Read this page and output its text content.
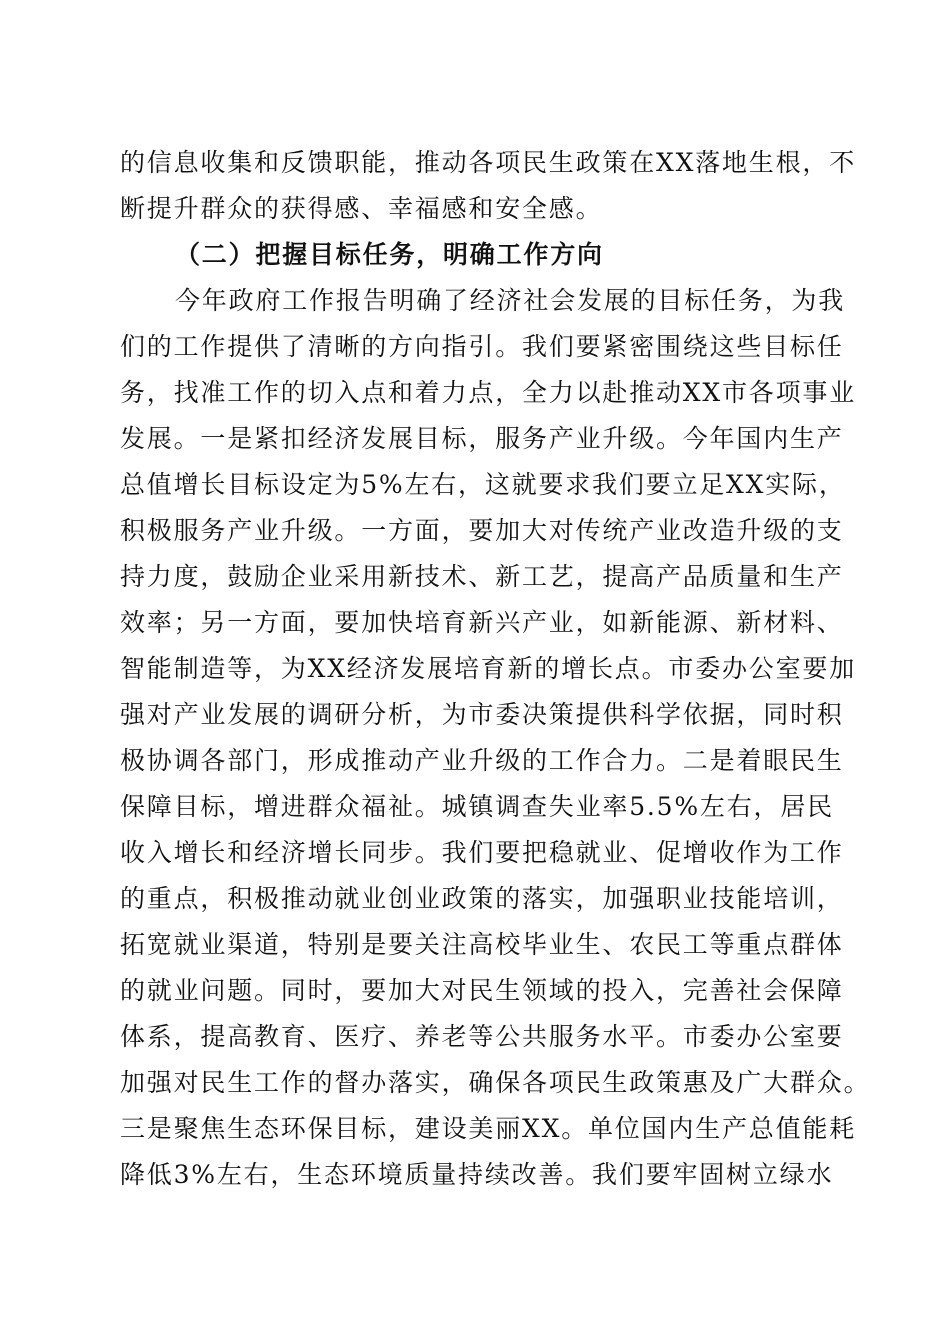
的信息收集和反馈职能，推动各项民生政策在XX落地生根，不

断提升群众的获得感、幸福感和安全感。

（二）把握目标任务，明确工作方向

今年政府工作报告明确了经济社会发展的目标任务，为我

们的工作提供了清晰的方向指引。我们要紧密围绕这些目标任

务，找准工作的切入点和着力点，全力以赴推动XX市各项事业

发展。一是紧扣经济发展目标，服务产业升级。今年国内生产

总值增长目标设定为5%左右，这就要求我们要立足XX实际，

积极服务产业升级。一方面，要加大对传统产业改造升级的支

持力度，鼓励企业采用新技术、新工艺，提高产品质量和生产

效率；另一方面，要加快培育新兴产业，如新能源、新材料、

智能制造等，为XX经济发展培育新的增长点。市委办公室要加

强对产业发展的调研分析，为市委决策提供科学依据，同时积

极协调各部门，形成推动产业升级的工作合力。二是着眼民生

保障目标，增进群众福祉。城镇调查失业率5.5%左右，居民

收入增长和经济增长同步。我们要把稳就业、促增收作为工作

的重点，积极推动就业创业政策的落实，加强职业技能培训，

拓宽就业渠道，特别是要关注高校毕业生、农民工等重点群体

的就业问题。同时，要加大对民生领域的投入，完善社会保障

体系，提高教育、医疗、养老等公共服务水平。市委办公室要

加强对民生工作的督办落实，确保各项民生政策惠及广大群众。

三是聚焦生态环保目标，建设美丽XX。单位国内生产总值能耗

降低3%左右，生态环境质量持续改善。我们要牢固树立绿水
